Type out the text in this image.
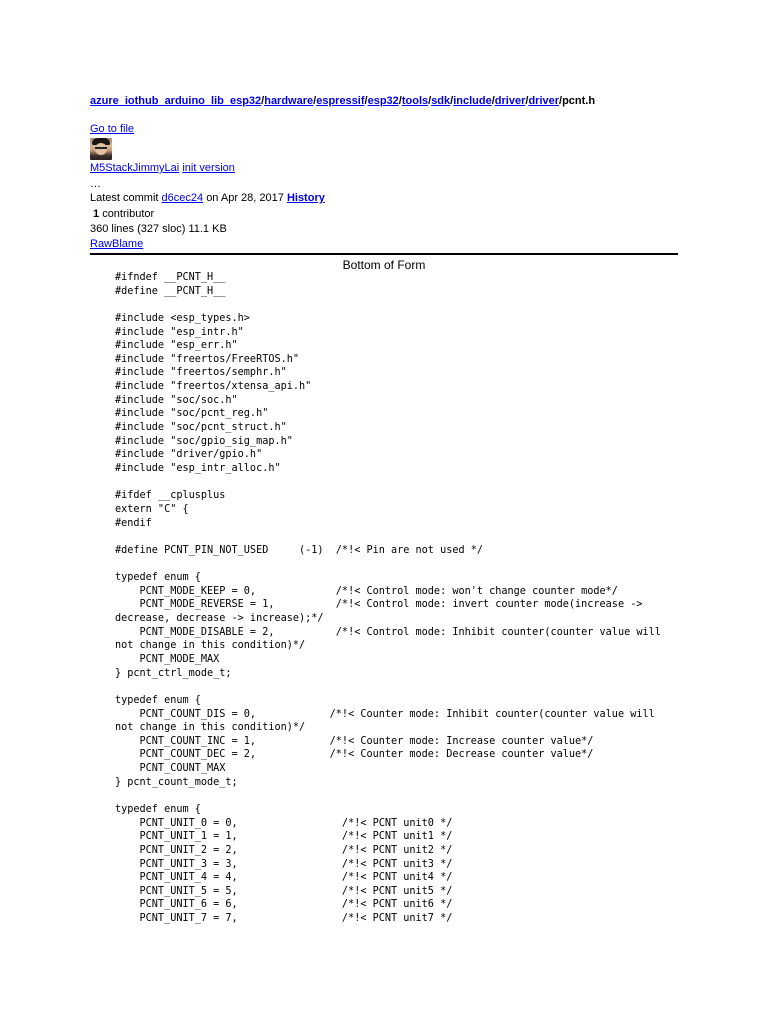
azure_iothub_arduino_lib_esp32/hardware/espressif/esp32/tools/sdk/include/driver/driver/pcnt.h
Go to file
M5StackJimmyLai init version
…
Latest commit d6cec24 on Apr 28, 2017 History
1 contributor
360 lines (327 sloc) 11.1 KB
RawBlame
Bottom of Form
#ifndef __PCNT_H__
#define __PCNT_H__

#include <esp_types.h>
#include "esp_intr.h"
#include "esp_err.h"
#include "freertos/FreeRTOS.h"
#include "freertos/semphr.h"
#include "freertos/xtensa_api.h"
#include "soc/soc.h"
#include "soc/pcnt_reg.h"
#include "soc/pcnt_struct.h"
#include "soc/gpio_sig_map.h"
#include "driver/gpio.h"
#include "esp_intr_alloc.h"

#ifdef __cplusplus
extern "C" {
#endif

#define PCNT_PIN_NOT_USED     (-1)  /*!< Pin are not used */

typedef enum {
PCNT_MODE_KEEP = 0,             /*!< Control mode: won't change counter mode*/
PCNT_MODE_REVERSE = 1,          /*!< Control mode: invert counter mode(increase ->
decrease, decrease -> increase);*/
PCNT_MODE_DISABLE = 2,          /*!< Control mode: Inhibit counter(counter value will
not change in this condition)*/
PCNT_MODE_MAX
} pcnt_ctrl_mode_t;

typedef enum {
PCNT_COUNT_DIS = 0,            /*!< Counter mode: Inhibit counter(counter value will
not change in this condition)*/
PCNT_COUNT_INC = 1,            /*!< Counter mode: Increase counter value*/
PCNT_COUNT_DEC = 2,            /*!< Counter mode: Decrease counter value*/
PCNT_COUNT_MAX
} pcnt_count_mode_t;

typedef enum {
PCNT_UNIT_0 = 0,                 /*!< PCNT unit0 */
PCNT_UNIT_1 = 1,                 /*!< PCNT unit1 */
PCNT_UNIT_2 = 2,                 /*!< PCNT unit2 */
PCNT_UNIT_3 = 3,                 /*!< PCNT unit3 */
PCNT_UNIT_4 = 4,                 /*!< PCNT unit4 */
PCNT_UNIT_5 = 5,                 /*!< PCNT unit5 */
PCNT_UNIT_6 = 6,                 /*!< PCNT unit6 */
PCNT_UNIT_7 = 7,                 /*!< PCNT unit7 */
